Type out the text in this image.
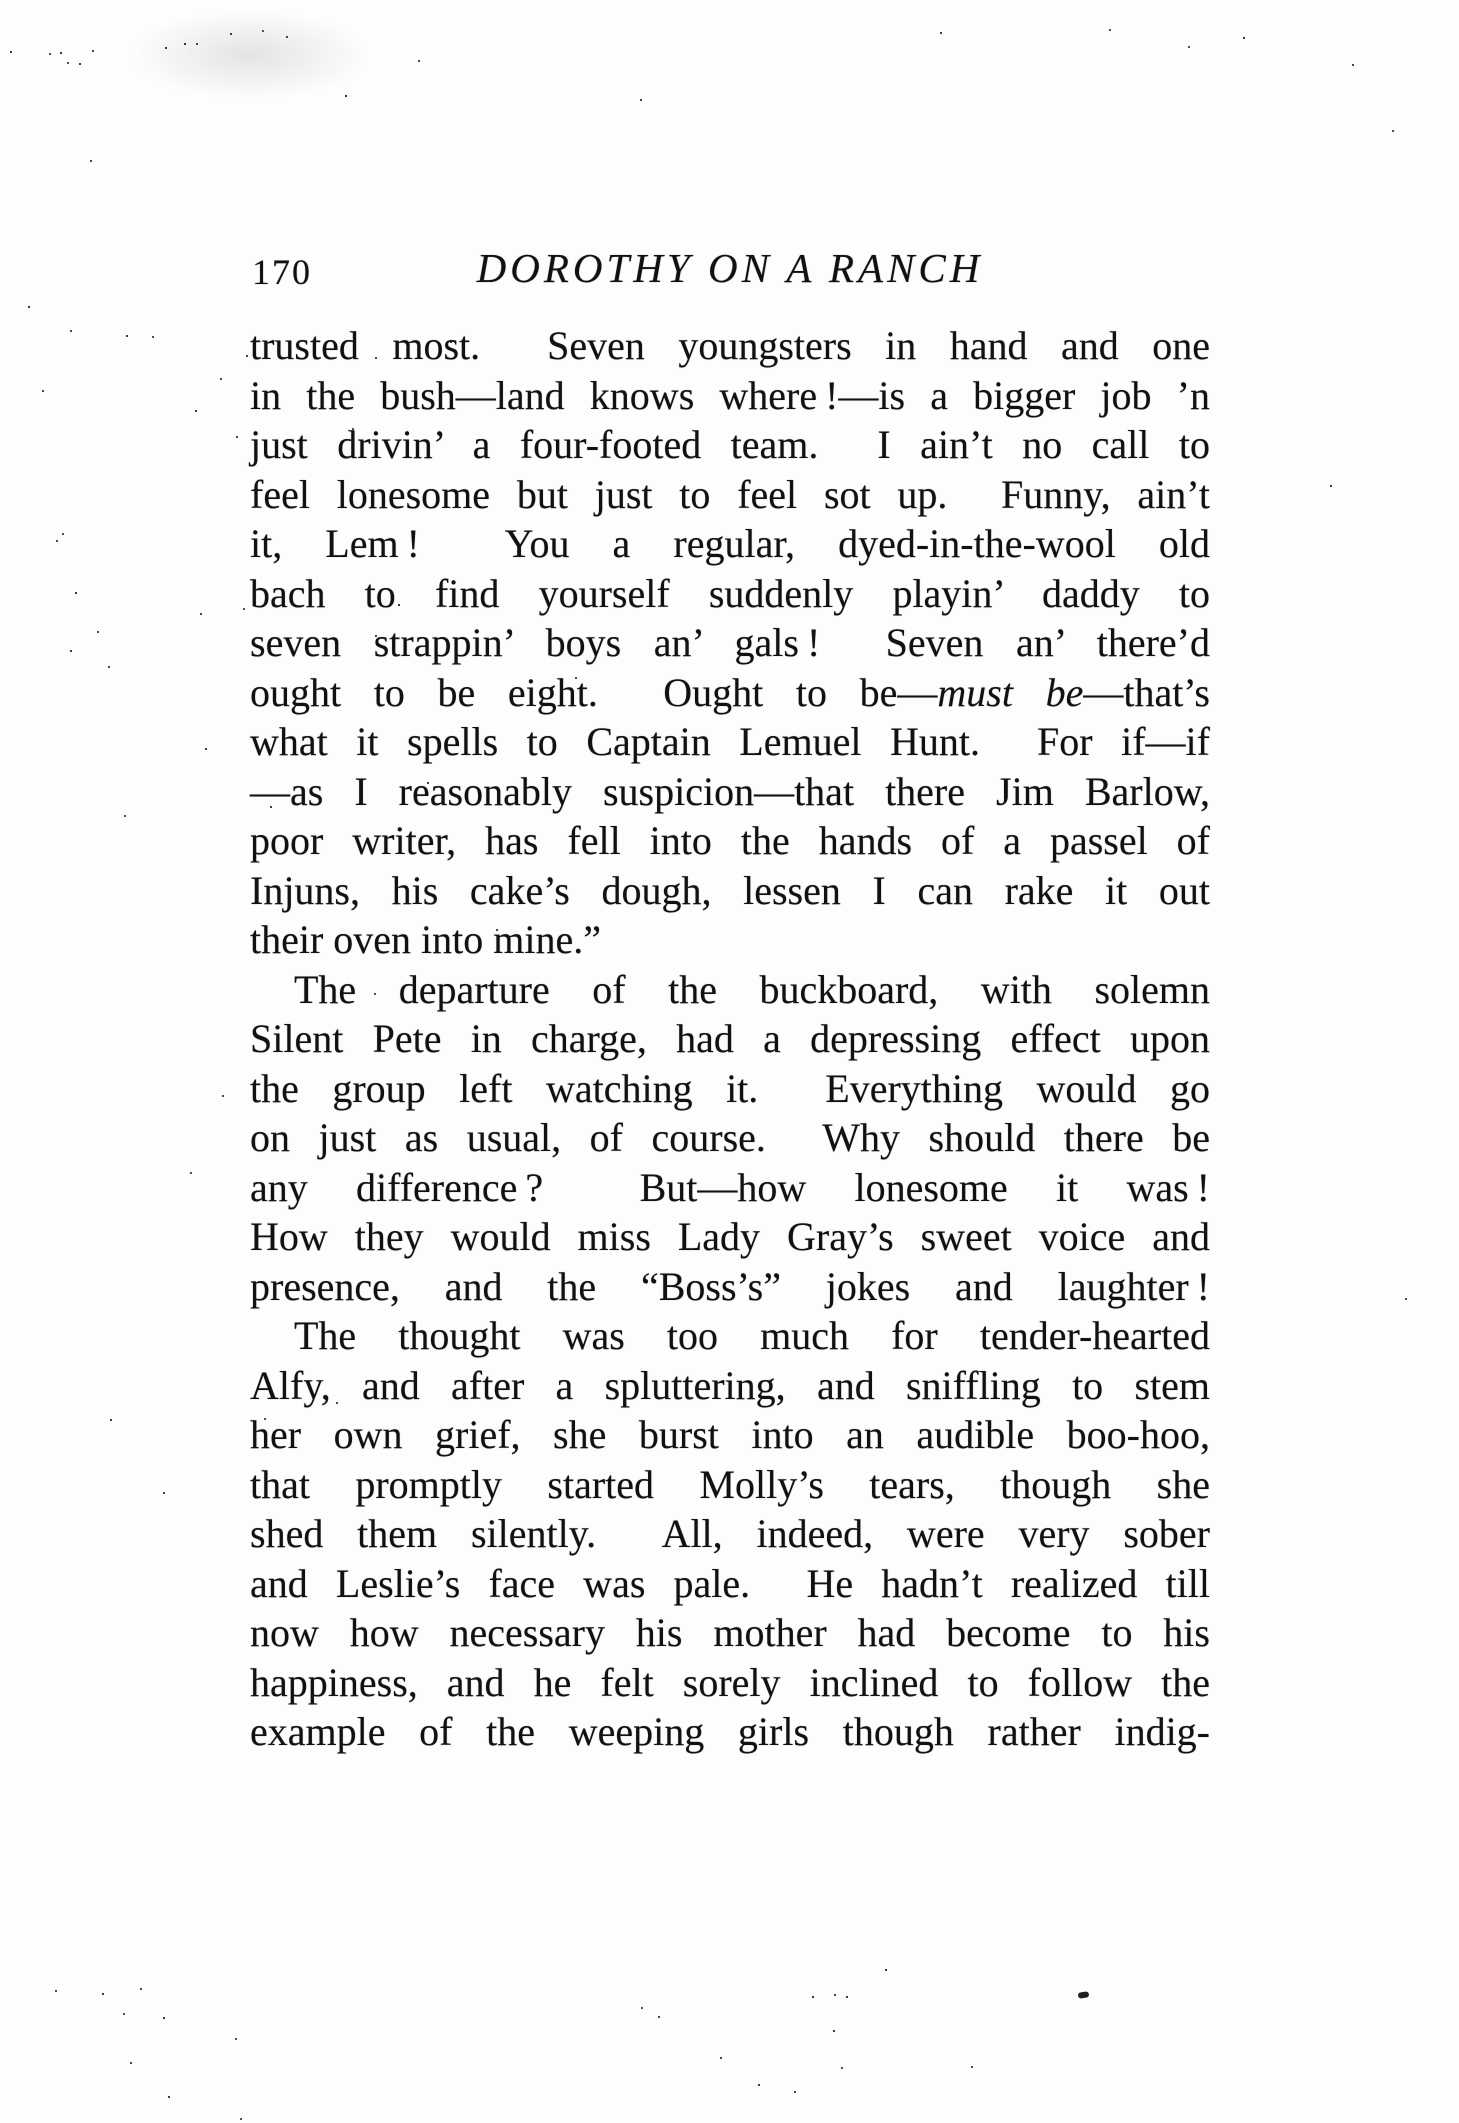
170	DOROTHY ON A RANCH
trusted most.  Seven youngsters in hand and one
in the bush—land knows where !—is a bigger job ’n
just drivin’ a four-footed team.  I ain’t no call to
feel lonesome but just to feel sot up.  Funny, ain’t
it, Lem !  You a regular, dyed-in-the-wool old
bach to find yourself suddenly playin’ daddy to
seven strappin’ boys an’ gals !  Seven an’ there’d
ought to be eight.  Ought to be—must be—that’s
what it spells to Captain Lemuel Hunt.  For if—if
—as I reasonably suspicion—that there Jim Barlow,
poor writer, has fell into the hands of a passel of
Injuns, his cake’s dough, lessen I can rake it out
their oven into mine.”
The departure of the buckboard, with solemn
Silent Pete in charge, had a depressing effect upon
the group left watching it.  Everything would go
on just as usual, of course.  Why should there be
any difference ?  But—how lonesome it was !
How they would miss Lady Gray’s sweet voice and
presence, and the “Boss’s” jokes and laughter !
The thought was too much for tender-hearted
Alfy, and after a spluttering, and sniffling to stem
her own grief, she burst into an audible boo-hoo,
that promptly started Molly’s tears, though she
shed them silently.  All, indeed, were very sober
and Leslie’s face was pale.  He hadn’t realized till
now how necessary his mother had become to his
happiness, and he felt sorely inclined to follow the
example of the weeping girls though rather indig-
